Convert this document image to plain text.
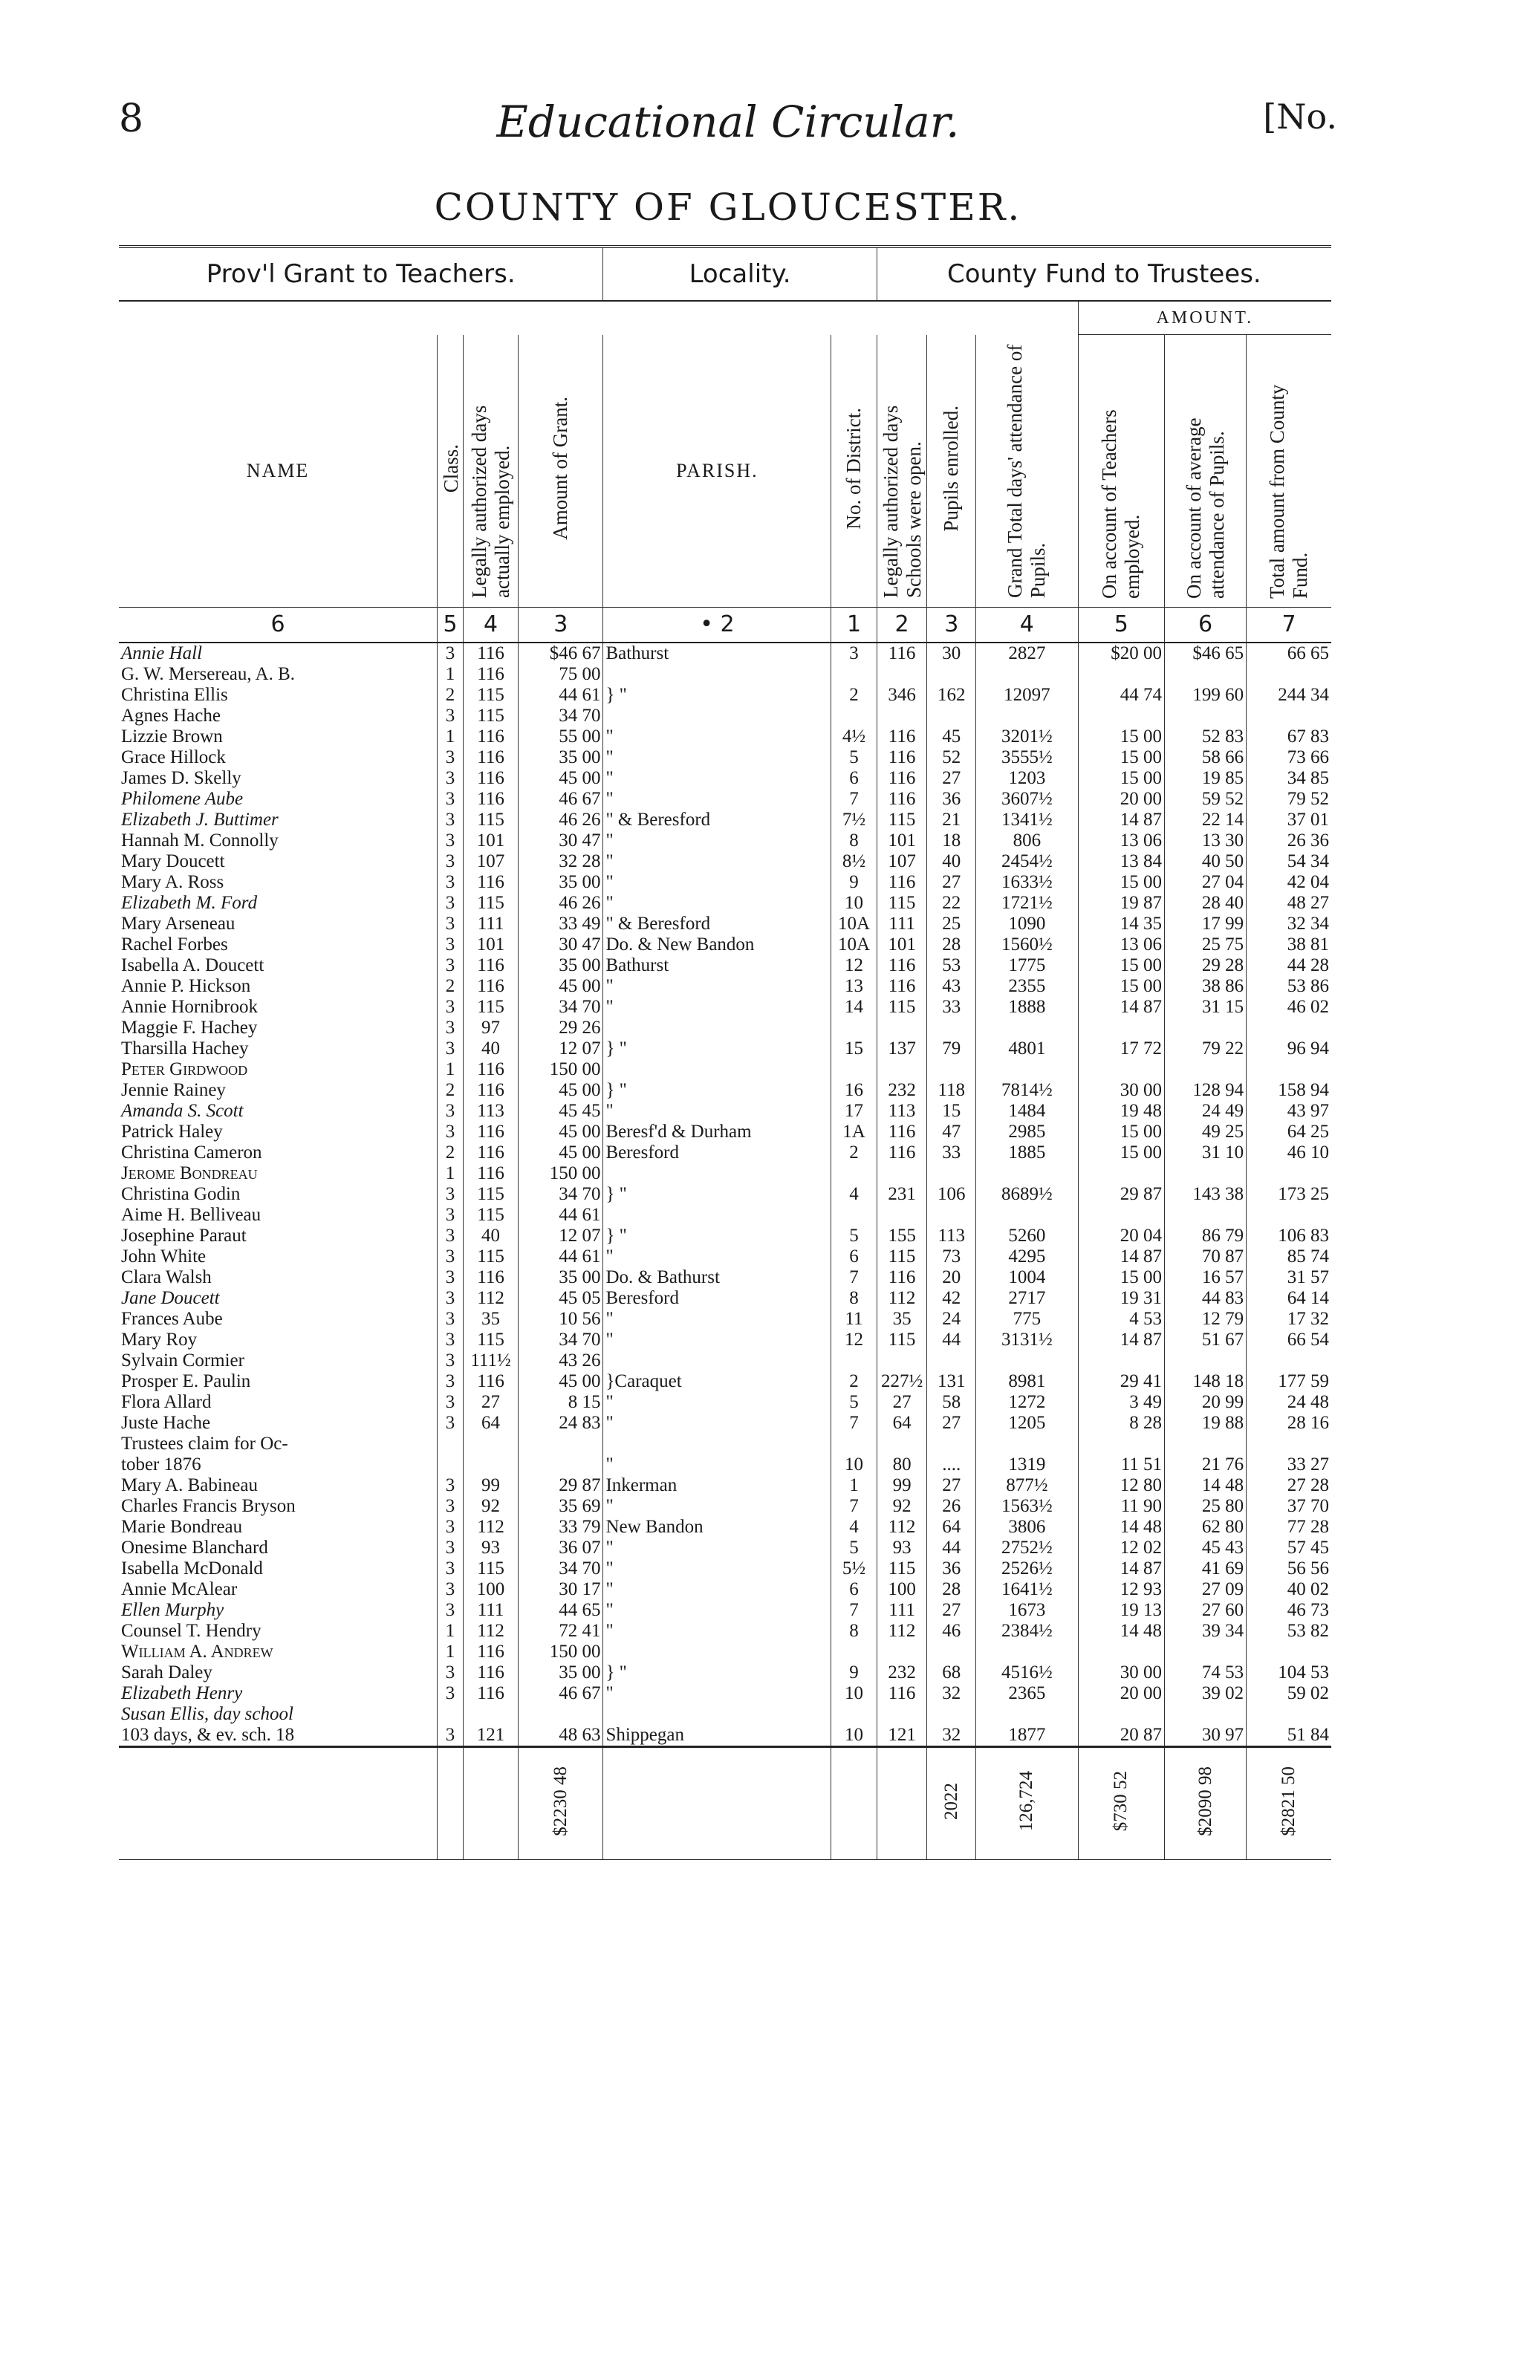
8	Educational Circular.	[No.
COUNTY OF GLOUCESTER.
Prov'l Grant to Teachers.				Locality.		County Fund to Trustees.					
									AMOUNT.		
NAME	Class.	Legally authorized days actually employed.	Amount of Grant.	PARISH.	No. of District.	Legally authorized days Schools were open.	Pupils enrolled.	Grand Total days' attendance of Pupils.	On account of Teachers employed.	On account of average attendance of Pupils.	Total amount from County Fund.
6	5	4	3	• 2	1	2	3	4	5	6	7
Annie Hall	3	116	$46 67	Bathurst	3	116	30	2827	$20 00	$46 65	66 65
G. W. Mersereau, A. B.	1	116	75 00								
Christina Ellis	2	115	44 61	} "	2	346	162	12097	44 74	199 60	244 34
Agnes Hache	3	115	34 70								
Lizzie Brown	1	116	55 00	"	4½	116	45	3201½	15 00	52 83	67 83
Grace Hillock	3	116	35 00	"	5	116	52	3555½	15 00	58 66	73 66
James D. Skelly	3	116	45 00	"	6	116	27	1203	15 00	19 85	34 85
Philomene Aube	3	116	46 67	"	7	116	36	3607½	20 00	59 52	79 52
Elizabeth J. Buttimer	3	115	46 26	" & Beresford	7½	115	21	1341½	14 87	22 14	37 01
Hannah M. Connolly	3	101	30 47	"	8	101	18	806	13 06	13 30	26 36
Mary Doucett	3	107	32 28	"	8½	107	40	2454½	13 84	40 50	54 34
Mary A. Ross	3	116	35 00	"	9	116	27	1633½	15 00	27 04	42 04
Elizabeth M. Ford	3	115	46 26	"	10	115	22	1721½	19 87	28 40	48 27
Mary Arseneau	3	111	33 49	" & Beresford	10A	111	25	1090	14 35	17 99	32 34
Rachel Forbes	3	101	30 47	Do. & New Bandon	10A	101	28	1560½	13 06	25 75	38 81
Isabella A. Doucett	3	116	35 00	Bathurst	12	116	53	1775	15 00	29 28	44 28
Annie P. Hickson	2	116	45 00	"	13	116	43	2355	15 00	38 86	53 86
Annie Hornibrook	3	115	34 70	"	14	115	33	1888	14 87	31 15	46 02
Maggie F. Hachey	3	97	29 26								
Tharsilla Hachey	3	40	12 07	} "	15	137	79	4801	17 72	79 22	96 94
Peter Girdwood	1	116	150 00								
Jennie Rainey	2	116	45 00	} "	16	232	118	7814½	30 00	128 94	158 94
Amanda S. Scott	3	113	45 45	"	17	113	15	1484	19 48	24 49	43 97
Patrick Haley	3	116	45 00	Beresf'd & Durham	1A	116	47	2985	15 00	49 25	64 25
Christina Cameron	2	116	45 00	Beresford	2	116	33	1885	15 00	31 10	46 10
Jerome Bondreau	1	116	150 00								
Christina Godin	3	115	34 70	} "	4	231	106	8689½	29 87	143 38	173 25
Aime H. Belliveau	3	115	44 61								
Josephine Paraut	3	40	12 07	} "	5	155	113	5260	20 04	86 79	106 83
John White	3	115	44 61	"	6	115	73	4295	14 87	70 87	85 74
Clara Walsh	3	116	35 00	Do. & Bathurst	7	116	20	1004	15 00	16 57	31 57
Jane Doucett	3	112	45 05	Beresford	8	112	42	2717	19 31	44 83	64 14
Frances Aube	3	35	10 56	"	11	35	24	775	4 53	12 79	17 32
Mary Roy	3	115	34 70	"	12	115	44	3131½	14 87	51 67	66 54
Sylvain Cormier	3	111½	43 26								
Prosper E. Paulin	3	116	45 00	}Caraquet	2	227½	131	8981	29 41	148 18	177 59
Flora Allard	3	27	8 15	"	5	27	58	1272	3 49	20 99	24 48
Juste Hache	3	64	24 83	"	7	64	27	1205	8 28	19 88	28 16
Trustees claim for Oc-											
tober 1876				"	10	80	....	1319	11 51	21 76	33 27
Mary A. Babineau	3	99	29 87	Inkerman	1	99	27	877½	12 80	14 48	27 28
Charles Francis Bryson	3	92	35 69	"	7	92	26	1563½	11 90	25 80	37 70
Marie Bondreau	3	112	33 79	New Bandon	4	112	64	3806	14 48	62 80	77 28
Onesime Blanchard	3	93	36 07	"	5	93	44	2752½	12 02	45 43	57 45
Isabella McDonald	3	115	34 70	"	5½	115	36	2526½	14 87	41 69	56 56
Annie McAlear	3	100	30 17	"	6	100	28	1641½	12 93	27 09	40 02
Ellen Murphy	3	111	44 65	"	7	111	27	1673	19 13	27 60	46 73
Counsel T. Hendry	1	112	72 41	"	8	112	46	2384½	14 48	39 34	53 82
William A. Andrew	1	116	150 00								
Sarah Daley	3	116	35 00	} "	9	232	68	4516½	30 00	74 53	104 53
Elizabeth Henry	3	116	46 67	"	10	116	32	2365	20 00	39 02	59 02
Susan Ellis, day school											
103 days, & ev. sch. 18	3	121	48 63	Shippegan	10	121	32	1877	20 87	30 97	51 84
			$2230 48				2022	126,724	$730 52	$2090 98	$2821 50
